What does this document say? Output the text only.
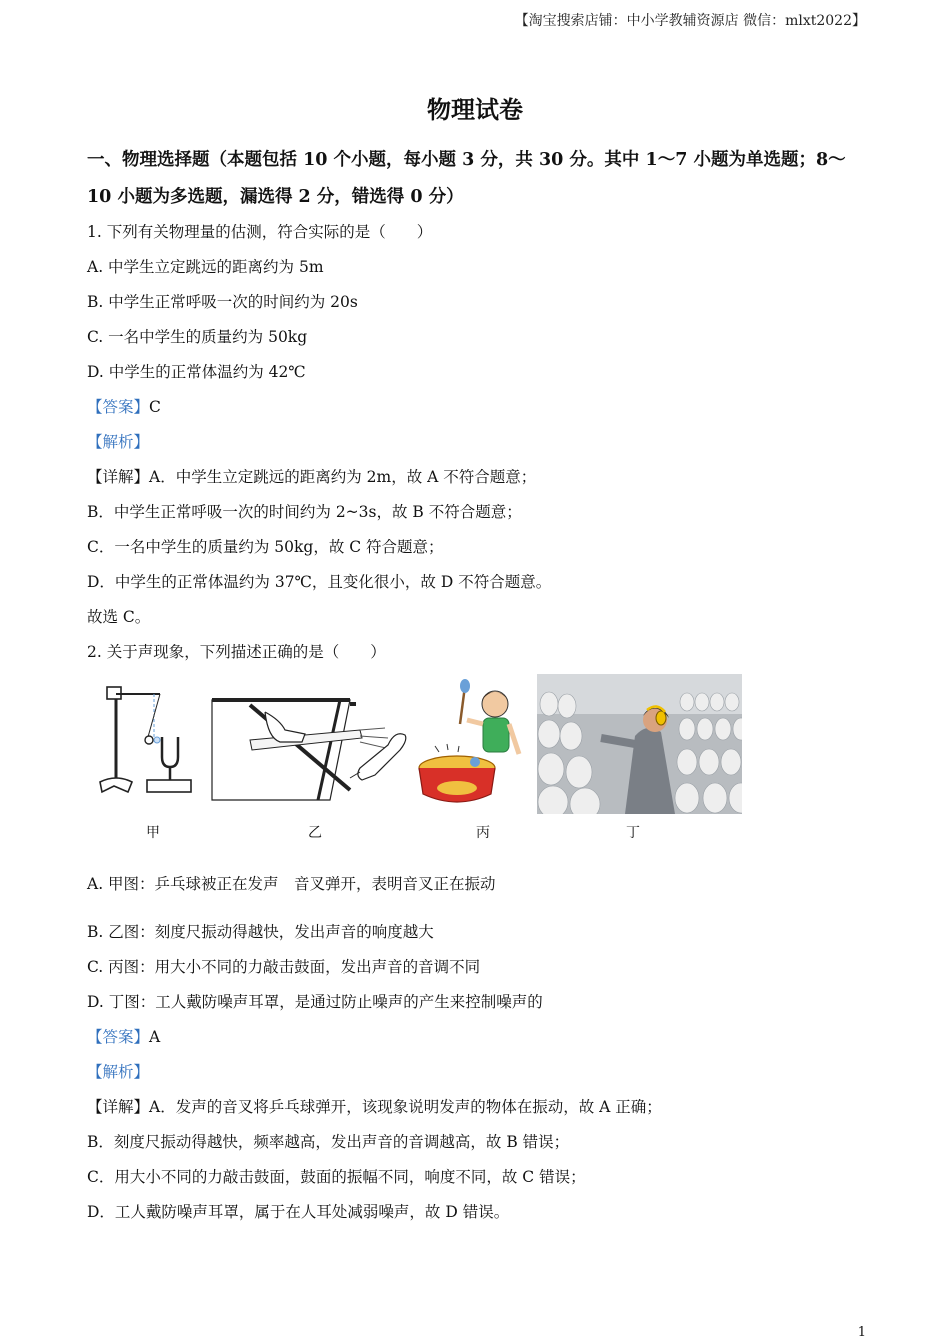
【淘宝搜索店铺：中小学教辅资源店 微信：mlxt2022】
物理试卷
一、物理选择题（本题包括 10 个小题，每小题 3 分，共 30 分。其中 1～7 小题为单选题；8～
10 小题为多选题，漏选得 2 分，错选得 0 分）
1. 下列有关物理量的估测，符合实际的是（　　）
A. 中学生立定跳远的距离约为 5m
B. 中学生正常呼吸一次的时间约为 20s
C. 一名中学生的质量约为 50kg
D. 中学生的正常体温约为 42℃
【答案】C
【解析】
【详解】A．中学生立定跳远的距离约为 2m，故 A 不符合题意；
B．中学生正常呼吸一次的时间约为 2~3s，故 B 不符合题意；
C．一名中学生的质量约为 50kg，故 C 符合题意；
D．中学生的正常体温约为 37℃，且变化很小，故 D 不符合题意。
故选 C。
2. 关于声现象，下列描述正确的是（　　）
甲	乙	丙	丁
A. 甲图：乒乓球被正在发声　音叉弹开，表明音叉正在振动
B. 乙图：刻度尺振动得越快，发出声音的响度越大
C. 丙图：用大小不同的力敲击鼓面，发出声音的音调不同
D. 丁图：工人戴防噪声耳罩，是通过防止噪声的产生来控制噪声的
【答案】A
【解析】
【详解】A．发声的音叉将乒乓球弹开，该现象说明发声的物体在振动，故 A 正确；
B．刻度尺振动得越快，频率越高，发出声音的音调越高，故 B 错误；
C．用大小不同的力敲击鼓面，鼓面的振幅不同，响度不同，故 C 错误；
D．工人戴防噪声耳罩，属于在人耳处减弱噪声，故 D 错误。
1
